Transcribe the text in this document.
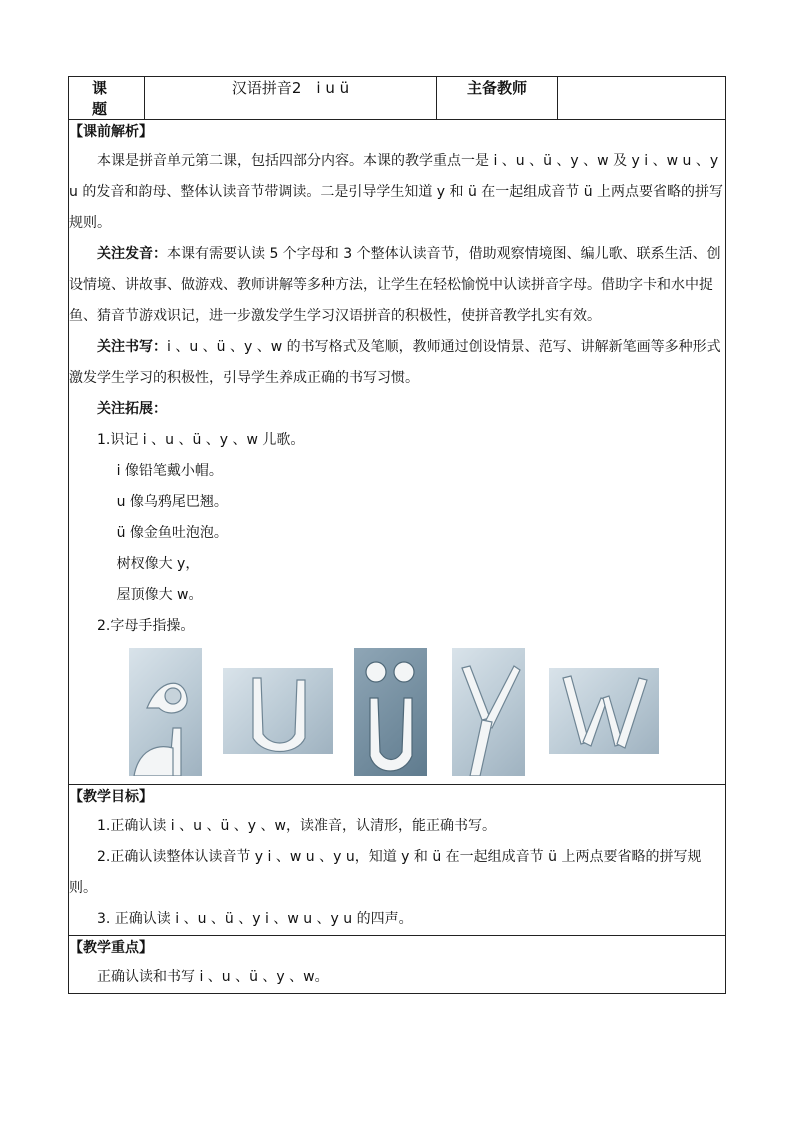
课　题	汉语拼音2　i u ü	主备教师	

【课前解析】

本课是拼音单元第二课，包括四部分内容。本课的教学重点一是 i 、u 、ü 、y 、w 及 y i 、w u 、y u 的发音和韵母、整体认读音节带调读。二是引导学生知道 y 和 ü 在一起组成音节 ü 上两点要省略的拼写规则。

关注发音：本课有需要认读 5 个字母和 3 个整体认读音节，借助观察情境图、编儿歌、联系生活、创设情境、讲故事、做游戏、教师讲解等多种方法，让学生在轻松愉悦中认读拼音字母。借助字卡和水中捉鱼、猜音节游戏识记，进一步激发学生学习汉语拼音的积极性，使拼音教学扎实有效。

关注书写：i 、u 、ü 、y 、w 的书写格式及笔顺，教师通过创设情景、范写、讲解新笔画等多种形式激发学生学习的积极性，引导学生养成正确的书写习惯。

关注拓展：

1.识记 i 、u 、ü 、y 、w 儿歌。

i 像铅笔戴小帽。

u 像乌鸦尾巴翘。

ü 像金鱼吐泡泡。

树杈像大 y，

屋顶像大 w。

2.字母手指操。

【教学目标】

1.正确认读 i 、u 、ü 、y 、w，读准音，认清形，能正确书写。

2.正确认读整体认读音节 y i 、w u 、y u，知道 y 和 ü 在一起组成音节 ü 上两点要省略的拼写规则。

3. 正确认读 i 、u 、ü 、y i 、w u 、y u 的四声。

【教学重点】

正确认读和书写 i 、u 、ü 、y 、w。
